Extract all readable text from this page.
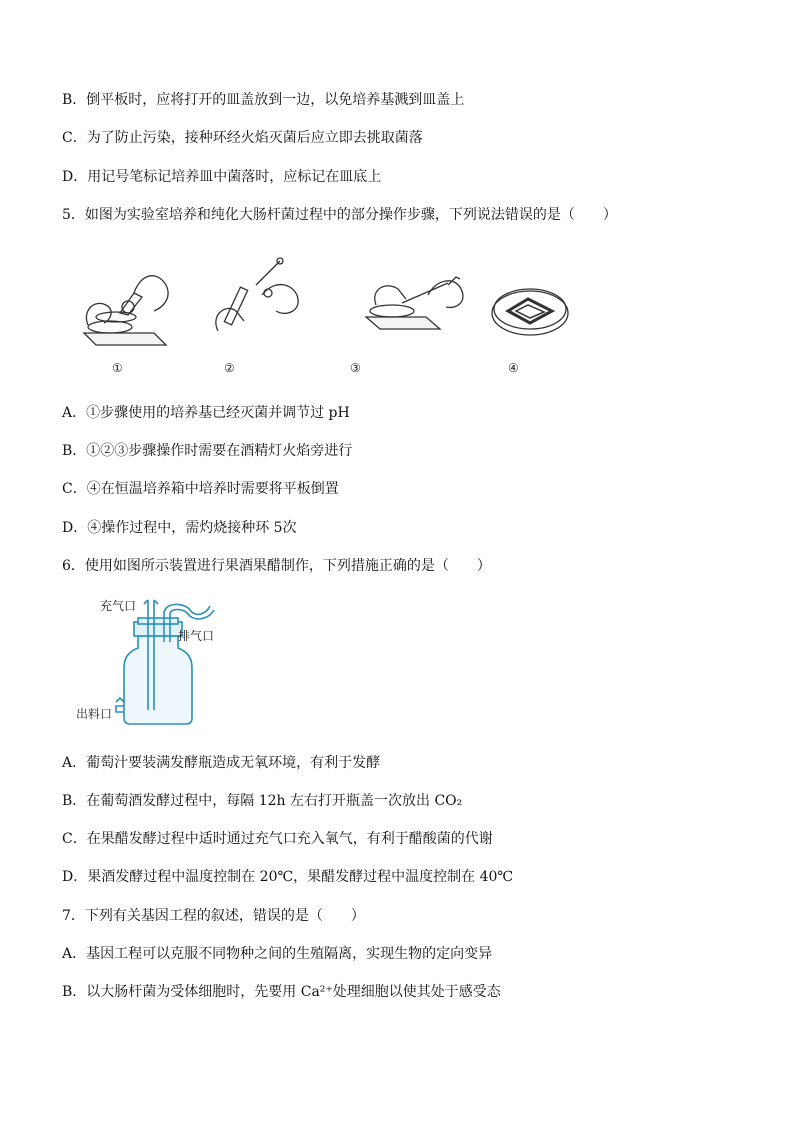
B．倒平板时，应将打开的皿盖放到一边，以免培养基溅到皿盖上
C．为了防止污染，接种环经火焰灭菌后应立即去挑取菌落
D．用记号笔标记培养皿中菌落时，应标记在皿底上
5．如图为实验室培养和纯化大肠杆菌过程中的部分操作步骤，下列说法错误的是（　　）
①	②	③	④
A．①步骤使用的培养基已经灭菌并调节过 pH
B．①②③步骤操作时需要在酒精灯火焰旁进行
C．④在恒温培养箱中培养时需要将平板倒置
D．④操作过程中，需灼烧接种环 5次
6．使用如图所示装置进行果酒果醋制作，下列措施正确的是（　　）
充气口
排气口
出料口
A．葡萄汁要装满发酵瓶造成无氧环境，有利于发酵
B．在葡萄酒发酵过程中，每隔 12h 左右打开瓶盖一次放出 CO₂
C．在果醋发酵过程中适时通过充气口充入氧气，有利于醋酸菌的代谢
D．果酒发酵过程中温度控制在 20℃，果醋发酵过程中温度控制在 40℃
7．下列有关基因工程的叙述，错误的是（　　）
A．基因工程可以克服不同物种之间的生殖隔离，实现生物的定向变异
B．以大肠杆菌为受体细胞时，先要用 Ca²⁺处理细胞以使其处于感受态
